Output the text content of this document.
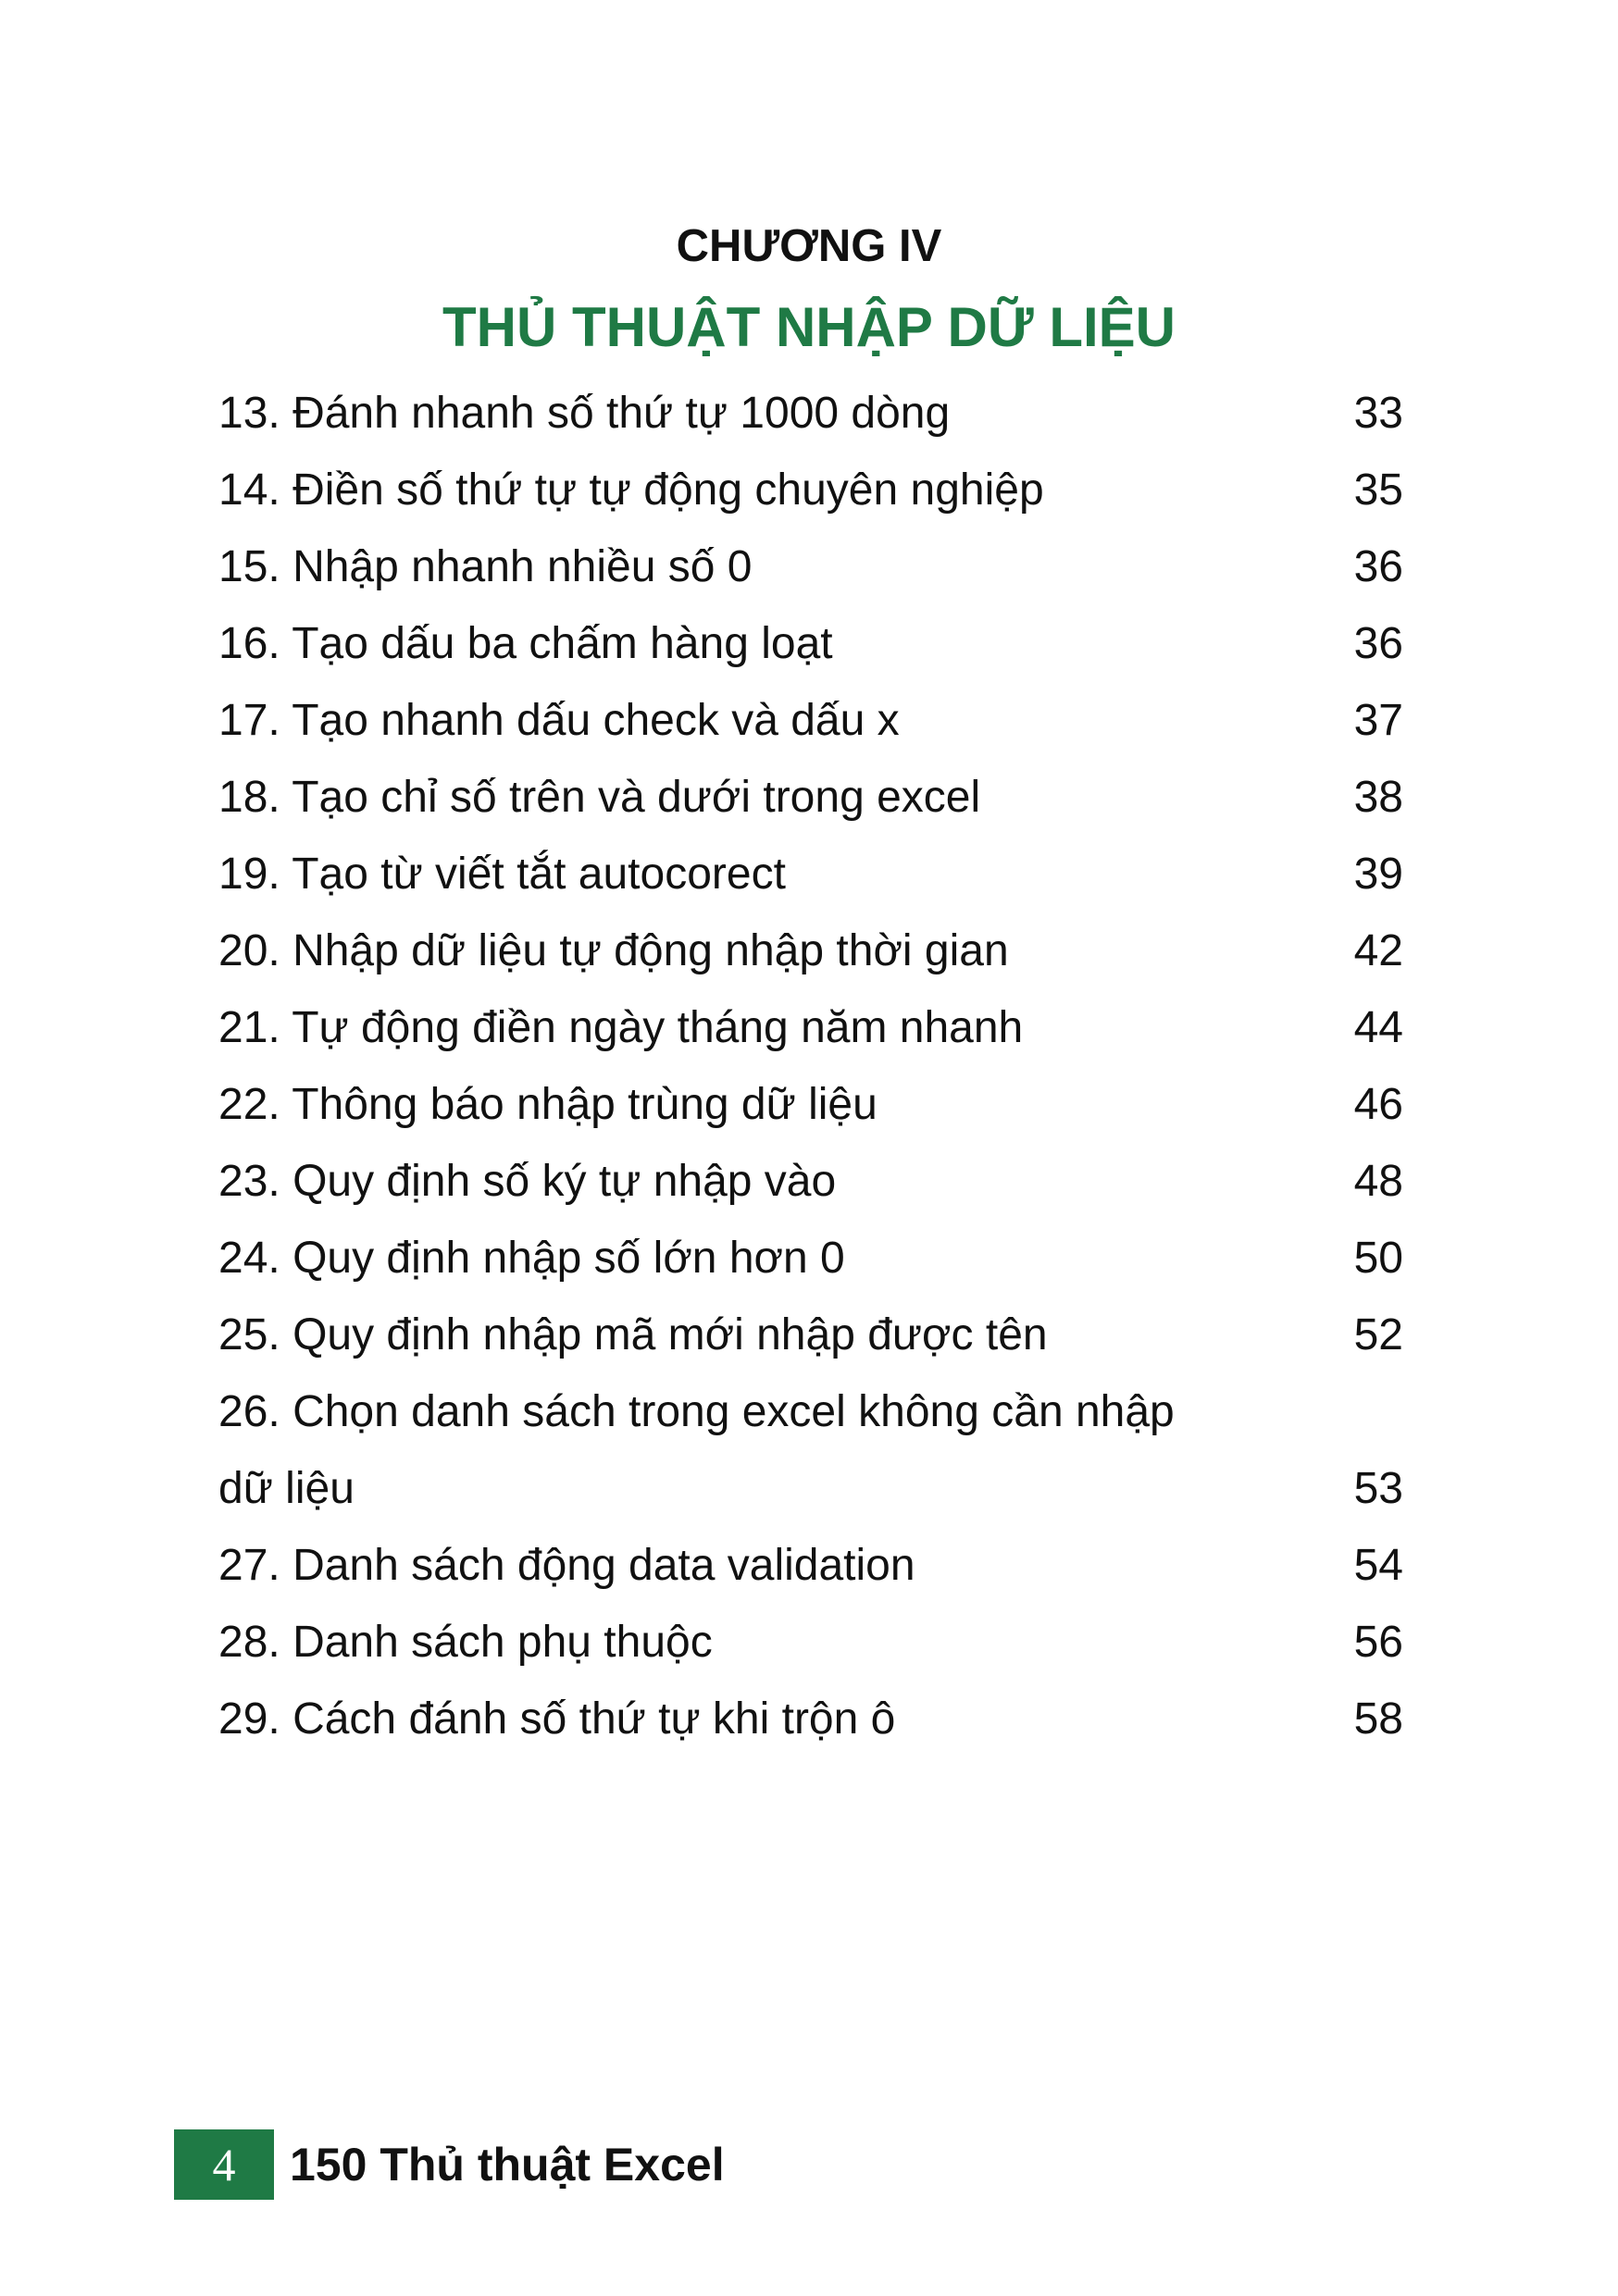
CHƯƠNG IV
THỦ THUẬT NHẬP DỮ LIỆU
13. Đánh nhanh số thứ tự 1000 dòng	33
14. Điền số thứ tự tự động chuyên nghiệp	35
15. Nhập nhanh nhiều số 0	36
16. Tạo dấu ba chấm hàng loạt	36
17. Tạo nhanh dấu check và dấu x	37
18. Tạo chỉ số trên và dưới trong excel	38
19. Tạo từ viết tắt autocorect	39
20. Nhập dữ liệu tự động nhập thời gian	42
21. Tự động điền ngày tháng năm nhanh	44
22. Thông báo nhập trùng dữ liệu	46
23. Quy định số ký tự nhập vào	48
24. Quy định nhập số lớn hơn 0	50
25. Quy định nhập mã mới nhập được tên	52
26. Chọn danh sách trong excel không cần nhập
dữ liệu	53
27. Danh sách động data validation	54
28. Danh sách phụ thuộc	56
29. Cách đánh số thứ tự khi trộn ô	58
4	150 Thủ thuật Excel
